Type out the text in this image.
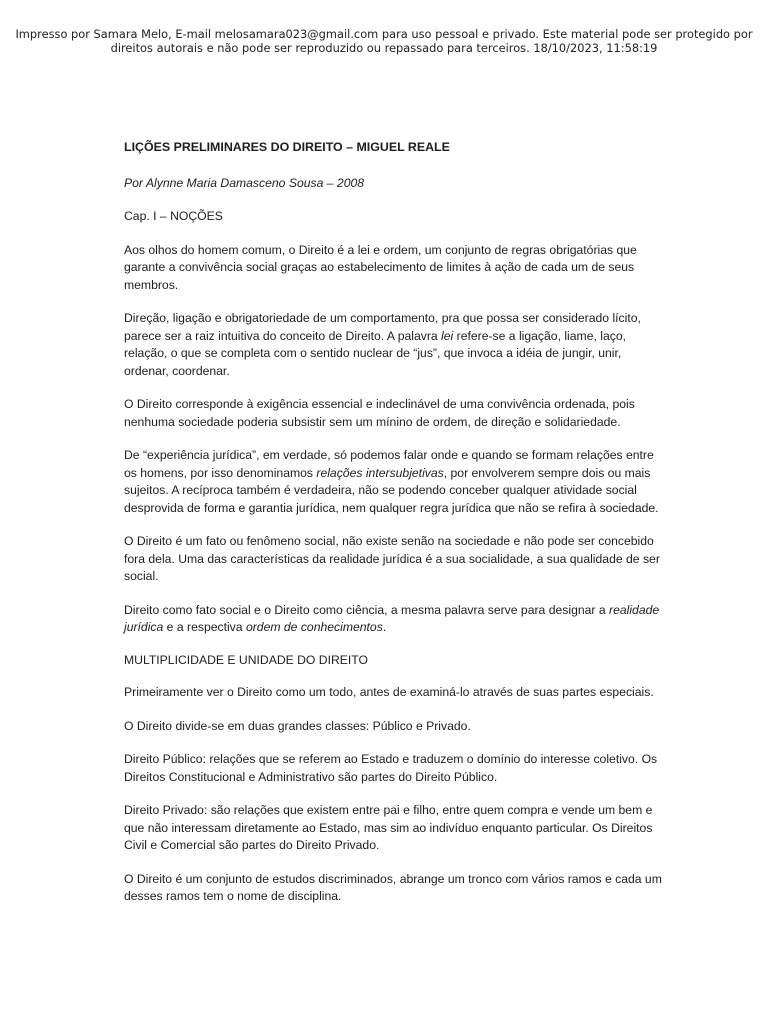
Impresso por Samara Melo, E-mail melosamara023@gmail.com para uso pessoal e privado. Este material pode ser protegido por
direitos autorais e não pode ser reproduzido ou repassado para terceiros. 18/10/2023, 11:58:19
LIÇÕES PRELIMINARES DO DIREITO – MIGUEL REALE
Por Alynne Maria Damasceno Sousa – 2008
Cap. I – NOÇÕES
Aos olhos do homem comum, o Direito é a lei e ordem, um conjunto de regras obrigatórias que garante a convivência social graças ao estabelecimento de limites à ação de cada um de seus membros.
Direção, ligação e obrigatoriedade de um comportamento, pra que possa ser considerado lícito, parece ser a raiz intuitiva do conceito de Direito. A palavra lei refere-se a ligação, liame, laço, relação, o que se completa com o sentido nuclear de “jus”, que invoca a idéia de jungir, unir, ordenar, coordenar.
O Direito corresponde à exigência essencial e indeclinável de uma convivência ordenada, pois nenhuma sociedade poderia subsistir sem um mínino de ordem, de direção e solidariedade.
De “experiência jurídica”, em verdade, só podemos falar onde e quando se formam relações entre os homens, por isso denominamos relações intersubjetivas, por envolverem sempre dois ou mais sujeitos. A recíproca também é verdadeira, não se podendo conceber qualquer atividade social desprovida de forma e garantia jurídica, nem qualquer regra jurídica que não se refira à sociedade.
O Direito é um fato ou fenômeno social, não existe senão na sociedade e não pode ser concebido fora dela. Uma das características da realidade jurídica é a sua socialidade, a sua qualidade de ser social.
Direito como fato social e o Direito como ciência, a mesma palavra serve para designar a realidade jurídica e a respectiva ordem de conhecimentos.
MULTIPLICIDADE E UNIDADE DO DIREITO
Primeiramente ver o Direito como um todo, antes de examiná-lo através de suas partes especiais.
O Direito divide-se em duas grandes classes: Público e Privado.
Direito Público: relações que se referem ao Estado e traduzem o domínio do interesse coletivo. Os Direitos Constitucional e Administrativo são partes do Direito Público.
Direito Privado: são relações que existem entre pai e filho, entre quem compra e vende um bem e que não interessam diretamente ao Estado, mas sim ao indivíduo enquanto particular. Os Direitos Civil e Comercial são partes do Direito Privado.
O Direito é um conjunto de estudos discriminados, abrange um tronco com vários ramos e cada um desses ramos tem o nome de disciplina.
